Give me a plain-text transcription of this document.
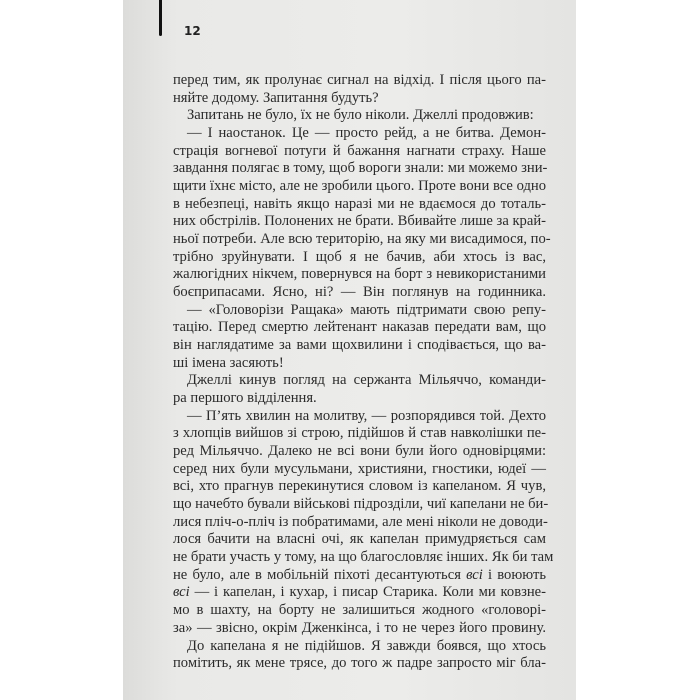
12
перед тим, як пролунає сигнал на відхід. І після цього па-
няйте додому. Запитання будуть?
Запитань не було, їх не було ніколи. Джеллі продовжив:
— І наостанок. Це — просто рейд, а не битва. Демон-
страція вогневої потуги й бажання нагнати страху. Наше
завдання полягає в тому, щоб вороги знали: ми можемо зни-
щити їхнє місто, але не зробили цього. Проте вони все одно
в небезпеці, навіть якщо наразі ми не вдаємося до тоталь-
них обстрілів. Полонених не брати. Вбивайте лише за край-
ньої потреби. Але всю територію, на яку ми висадимося, по-
трібно зруйнувати. І щоб я не бачив, аби хтось із вас,
жалюгідних нікчем, повернувся на борт з невикористаними
боєприпасами. Ясно, ні? — Він поглянув на годинника.
— «Головорізи Ращака» мають підтримати свою репу-
тацію. Перед смертю лейтенант наказав передати вам, що
він наглядатиме за вами щохвилини і сподівається, що ва-
ші імена засяють!
Джеллі кинув погляд на сержанта Мільяччо, команди-
ра першого відділення.
— П’ять хвилин на молитву, — розпорядився той. Дехто
з хлопців вийшов зі строю, підійшов й став навколішки пе-
ред Мільяччо. Далеко не всі вони були його одновірцями:
серед них були мусульмани, християни, гностики, юдеї —
всі, хто прагнув перекинутися словом із капеланом. Я чув,
що начебто бували військові підрозділи, чиї капелани не би-
лися пліч-о-пліч із побратимами, але мені ніколи не доводи-
лося бачити на власні очі, як капелан примудряється сам
не брати участь у тому, на що благословляє інших. Як би там
не було, але в мобільній піхоті десантуються всі і воюють
всі — і капелан, і кухар, і писар Старика. Коли ми ковзне-
мо в шахту, на борту не залишиться жодного «головорі-
за» — звісно, окрім Дженкінса, і то не через його провину.
До капелана я не підійшов. Я завжди боявся, що хтось
помітить, як мене трясе, до того ж падре запросто міг бла-
